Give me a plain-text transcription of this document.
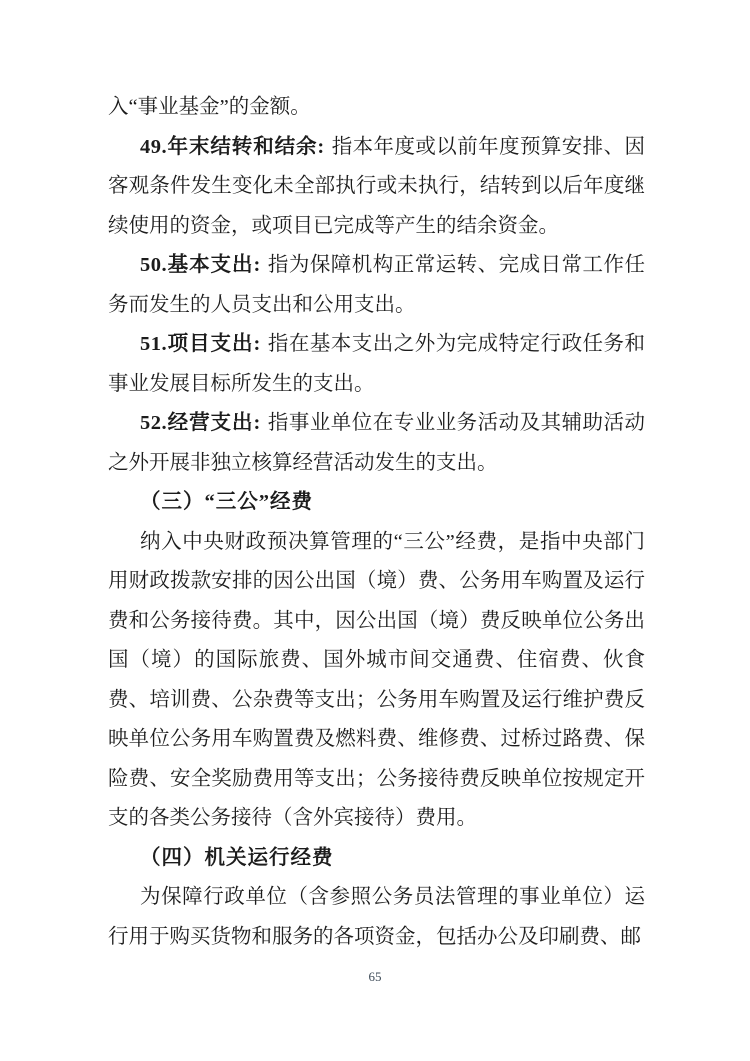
入“事业基金”的金额。

49.年末结转和结余: 指本年度或以前年度预算安排、因客观条件发生变化未全部执行或未执行，结转到以后年度继续使用的资金，或项目已完成等产生的结余资金。

50.基本支出: 指为保障机构正常运转、完成日常工作任务而发生的人员支出和公用支出。

51.项目支出: 指在基本支出之外为完成特定行政任务和事业发展目标所发生的支出。

52.经营支出: 指事业单位在专业业务活动及其辅助活动之外开展非独立核算经营活动发生的支出。

（三）“三公”经费

纳入中央财政预决算管理的“三公”经费，是指中央部门用财政拨款安排的因公出国（境）费、公务用车购置及运行费和公务接待费。其中，因公出国（境）费反映单位公务出国（境）的国际旅费、国外城市间交通费、住宿费、伙食费、培训费、公杂费等支出；公务用车购置及运行维护费反映单位公务用车购置费及燃料费、维修费、过桥过路费、保险费、安全奖励费用等支出；公务接待费反映单位按规定开支的各类公务接待（含外宾接待）费用。

（四）机关运行经费

为保障行政单位（含参照公务员法管理的事业单位）运行用于购买货物和服务的各项资金，包括办公及印刷费、邮

65
